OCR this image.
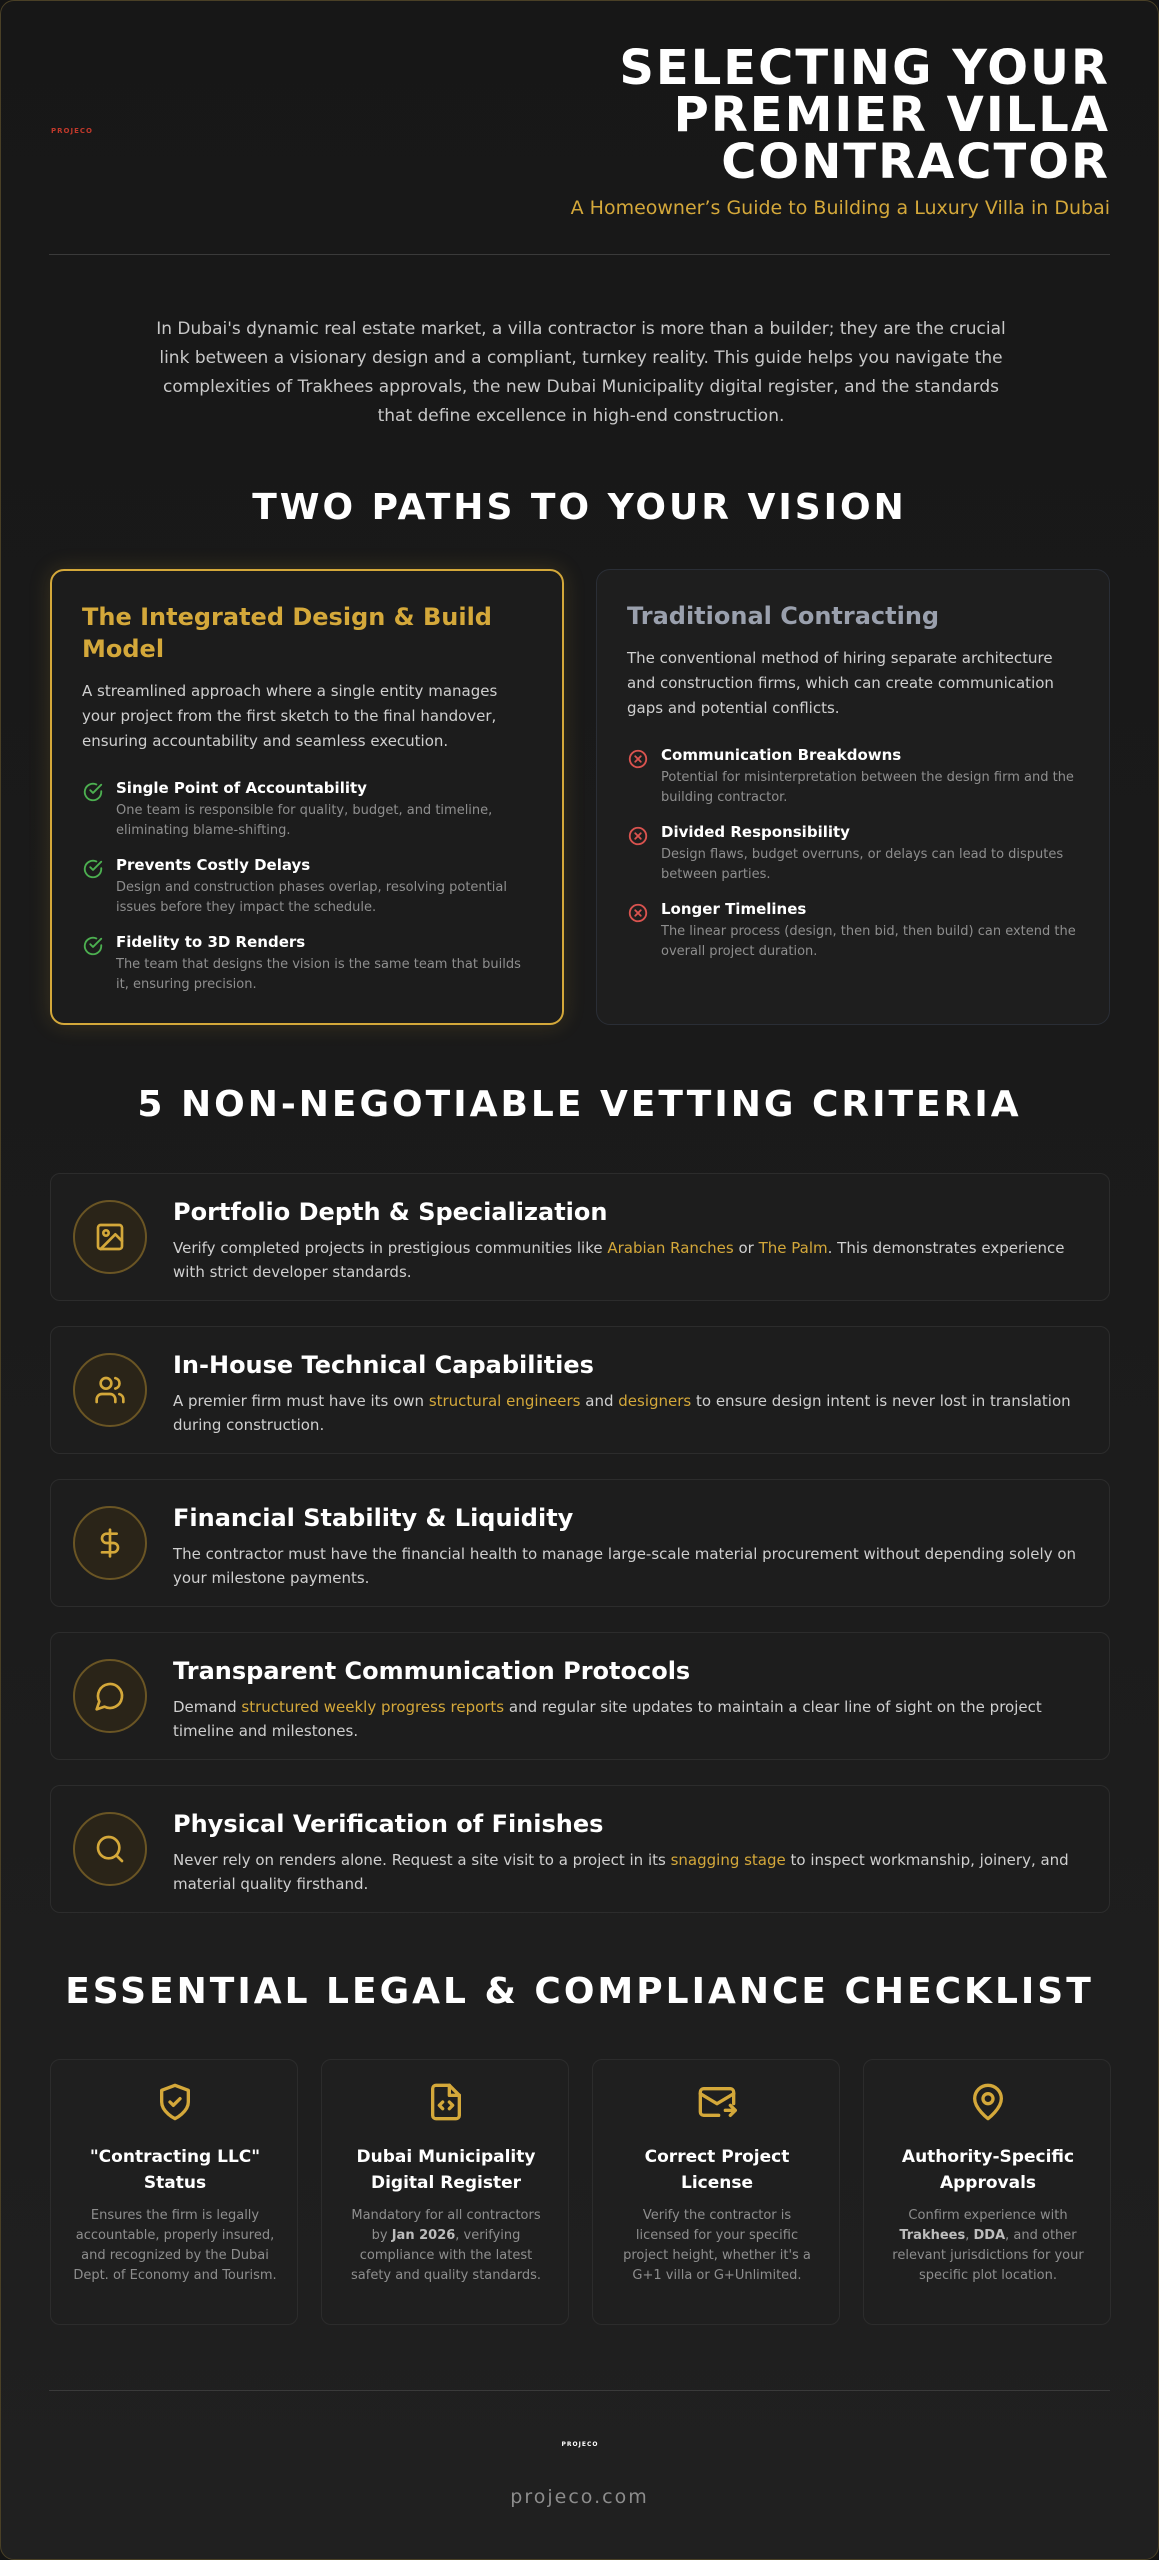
PROJECO
SELECTING YOUR PREMIER VILLA CONTRACTOR
A Homeowner’s Guide to Building a Luxury Villa in Dubai
In Dubai's dynamic real estate market, a villa contractor is more than a builder; they are the crucial link between a visionary design and a compliant, turnkey reality. This guide helps you navigate the complexities of Trakhees approvals, the new Dubai Municipality digital register, and the standards that define excellence in high-end construction.
TWO PATHS TO YOUR VISION
The Integrated Design & Build Model
A streamlined approach where a single entity manages your project from the first sketch to the final handover, ensuring accountability and seamless execution.
Single Point of Accountability
One team is responsible for quality, budget, and timeline, eliminating blame-shifting.
Prevents Costly Delays
Design and construction phases overlap, resolving potential issues before they impact the schedule.
Fidelity to 3D Renders
The team that designs the vision is the same team that builds it, ensuring precision.
Traditional Contracting
The conventional method of hiring separate architecture and construction firms, which can create communication gaps and potential conflicts.
Communication Breakdowns
Potential for misinterpretation between the design firm and the building contractor.
Divided Responsibility
Design flaws, budget overruns, or delays can lead to disputes between parties.
Longer Timelines
The linear process (design, then bid, then build) can extend the overall project duration.
5 NON-NEGOTIABLE VETTING CRITERIA
Portfolio Depth & Specialization
Verify completed projects in prestigious communities like Arabian Ranches or The Palm. This demonstrates experience with strict developer standards.
In-House Technical Capabilities
A premier firm must have its own structural engineers and designers to ensure design intent is never lost in translation during construction.
Financial Stability & Liquidity
The contractor must have the financial health to manage large-scale material procurement without depending solely on your milestone payments.
Transparent Communication Protocols
Demand structured weekly progress reports and regular site updates to maintain a clear line of sight on the project timeline and milestones.
Physical Verification of Finishes
Never rely on renders alone. Request a site visit to a project in its snagging stage to inspect workmanship, joinery, and material quality firsthand.
ESSENTIAL LEGAL & COMPLIANCE CHECKLIST
"Contracting LLC" Status
Ensures the firm is legally accountable, properly insured, and recognized by the Dubai Dept. of Economy and Tourism.
Dubai Municipality Digital Register
Mandatory for all contractors by Jan 2026, verifying compliance with the latest safety and quality standards.
Correct Project License
Verify the contractor is licensed for your specific project height, whether it's a G+1 villa or G+Unlimited.
Authority-Specific Approvals
Confirm experience with Trakhees, DDA, and other relevant jurisdictions for your specific plot location.
PROJECO
projeco.com
